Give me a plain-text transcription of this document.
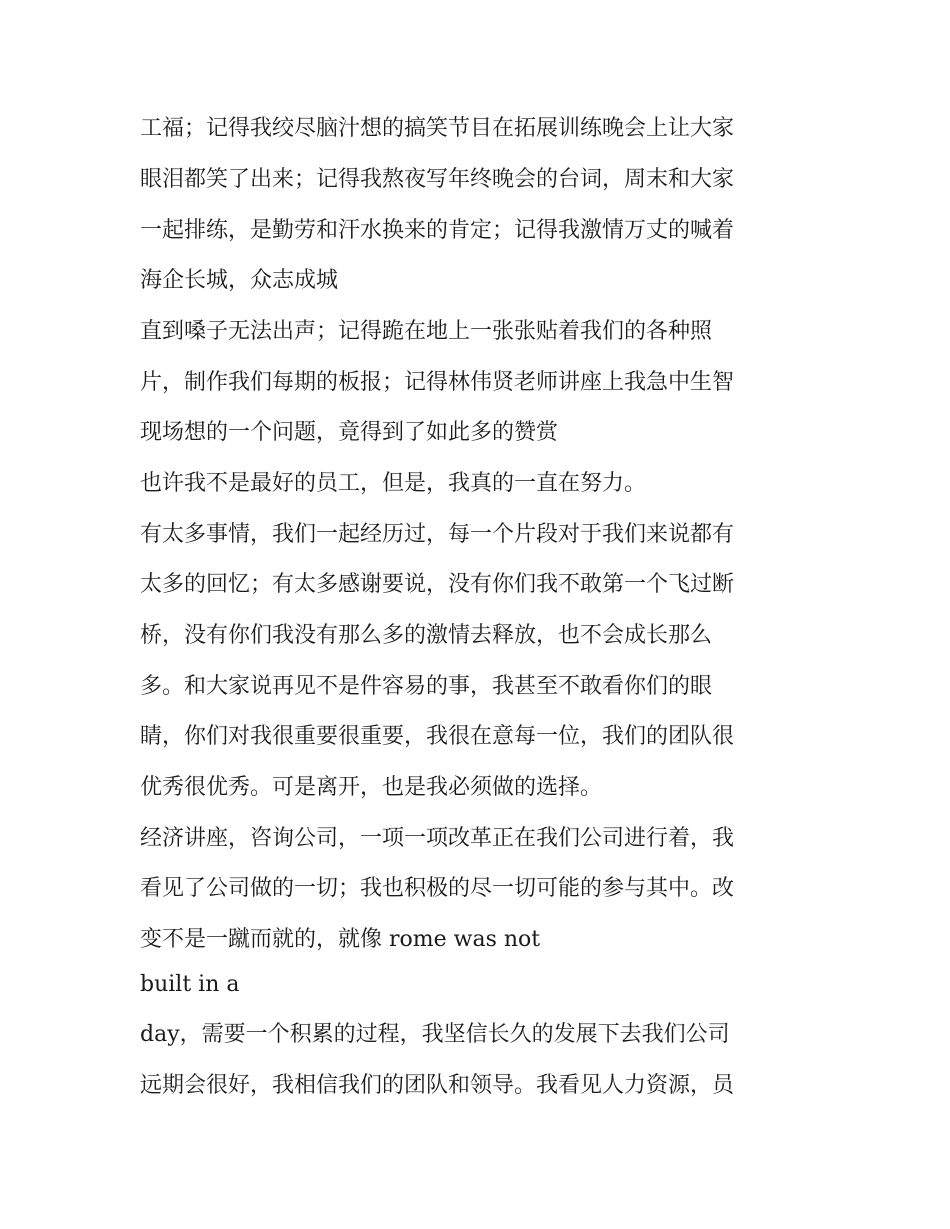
工福；记得我绞尽脑汁想的搞笑节目在拓展训练晚会上让大家

眼泪都笑了出来；记得我熬夜写年终晚会的台词，周末和大家

一起排练，是勤劳和汗水换来的肯定；记得我激情万丈的喊着

海企长城，众志成城

直到嗓子无法出声；记得跪在地上一张张贴着我们的各种照

片，制作我们每期的板报；记得林伟贤老师讲座上我急中生智

现场想的一个问题，竟得到了如此多的赞赏

也许我不是最好的员工，但是，我真的一直在努力。

有太多事情，我们一起经历过，每一个片段对于我们来说都有

太多的回忆；有太多感谢要说，没有你们我不敢第一个飞过断

桥，没有你们我没有那么多的激情去释放，也不会成长那么

多。和大家说再见不是件容易的事，我甚至不敢看你们的眼

睛，你们对我很重要很重要，我很在意每一位，我们的团队很

优秀很优秀。可是离开，也是我必须做的选择。

经济讲座，咨询公司，一项一项改革正在我们公司进行着，我

看见了公司做的一切；我也积极的尽一切可能的参与其中。改

变不是一蹴而就的，就像 rome was not

built in a

day，需要一个积累的过程，我坚信长久的发展下去我们公司

远期会很好，我相信我们的团队和领导。我看见人力资源，员
